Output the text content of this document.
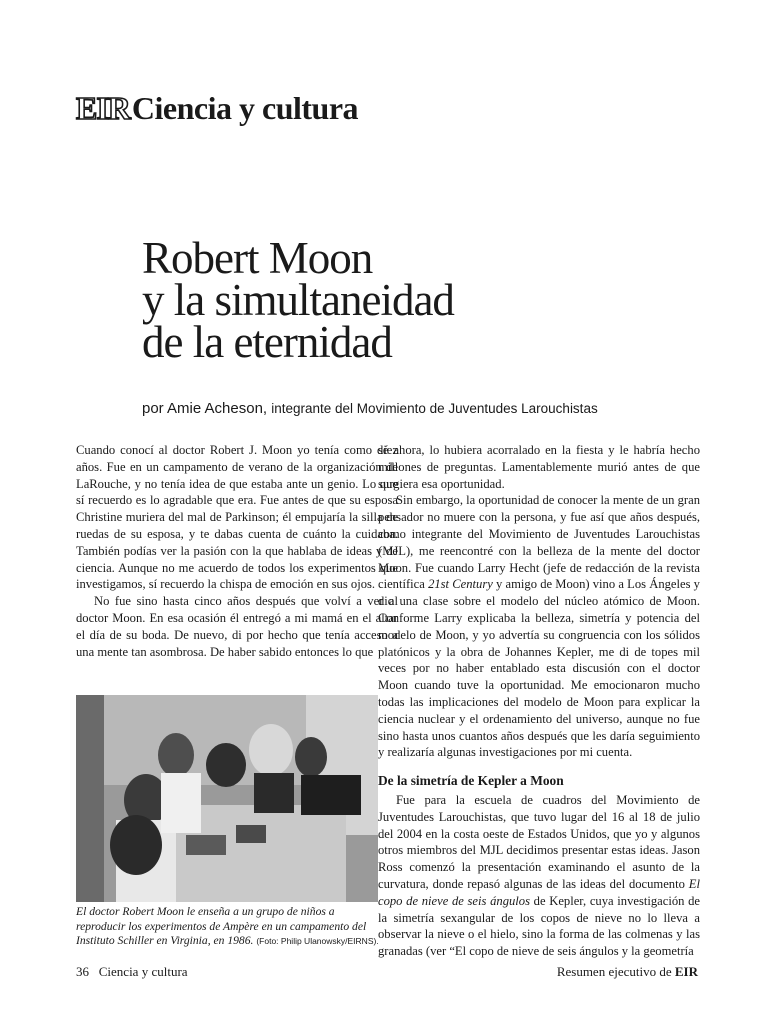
EIR Ciencia y cultura
Robert Moon
y la simultaneidad
de la eternidad
por Amie Acheson, integrante del Movimiento de Juventudes Larouchistas

Cuando conocí al doctor Robert J. Moon yo tenía como diez años. Fue en un campamento de verano de la organización de LaRouche, y no tenía idea de que estaba ante un genio. Lo que sí recuerdo es lo agradable que era. Fue antes de que su esposa Christine muriera del mal de Parkinson; él empujaría la silla de ruedas de su esposa, y te dabas cuenta de cuánto la cuidaba. También podías ver la pasión con la que hablaba de ideas y de ciencia. Aunque no me acuerdo de todos los experimentos que investigamos, sí recuerdo la chispa de emoción en sus ojos.

No fue sino hasta cinco años después que volví a ver al doctor Moon. En esa ocasión él entregó a mi mamá en el altar el día de su boda. De nuevo, di por hecho que tenía acceso a una mente tan asombrosa. De haber sabido entonces lo que

El doctor Robert Moon le enseña a un grupo de niños a reproducir los experimentos de Ampère en un campamento del Instituto Schiller en Virginia, en 1986. (Foto: Philip Ulanowsky/EIRNS).

sé ahora, lo hubiera acorralado en la fiesta y le habría hecho millones de preguntas. Lamentablemente murió antes de que surgiera esa oportunidad.

Sin embargo, la oportunidad de conocer la mente de un gran pensador no muere con la persona, y fue así que años después, como integrante del Movimiento de Juventudes Larouchistas (MJL), me reencontré con la belleza de la mente del doctor Moon. Fue cuando Larry Hecht (jefe de redacción de la revista científica 21st Century y amigo de Moon) vino a Los Ángeles y dio una clase sobre el modelo del núcleo atómico de Moon. Conforme Larry explicaba la belleza, simetría y potencia del modelo de Moon, y yo advertía su congruencia con los sólidos platónicos y la obra de Johannes Kepler, me di de topes mil veces por no haber entablado esta discusión con el doctor Moon cuando tuve la oportunidad. Me emocionaron mucho todas las implicaciones del modelo de Moon para explicar la ciencia nuclear y el ordenamiento del universo, aunque no fue sino hasta unos cuantos años después que les daría seguimiento y realizaría algunas investigaciones por mi cuenta.

De la simetría de Kepler a Moon

Fue para la escuela de cuadros del Movimiento de Juventudes Larouchistas, que tuvo lugar del 16 al 18 de julio del 2004 en la costa oeste de Estados Unidos, que yo y algunos otros miembros del MJL decidimos presentar estas ideas. Jason Ross comenzó la presentación examinando el asunto de la curvatura, donde repasó algunas de las ideas del documento El copo de nieve de seis ángulos de Kepler, cuya investigación de la simetría sexangular de los copos de nieve no lo lleva a observar la nieve o el hielo, sino la forma de las colmenas y las granadas (ver “El copo de nieve de seis ángulos y la geometría

36 Ciencia y cultura	Resumen ejecutivo de EIR
